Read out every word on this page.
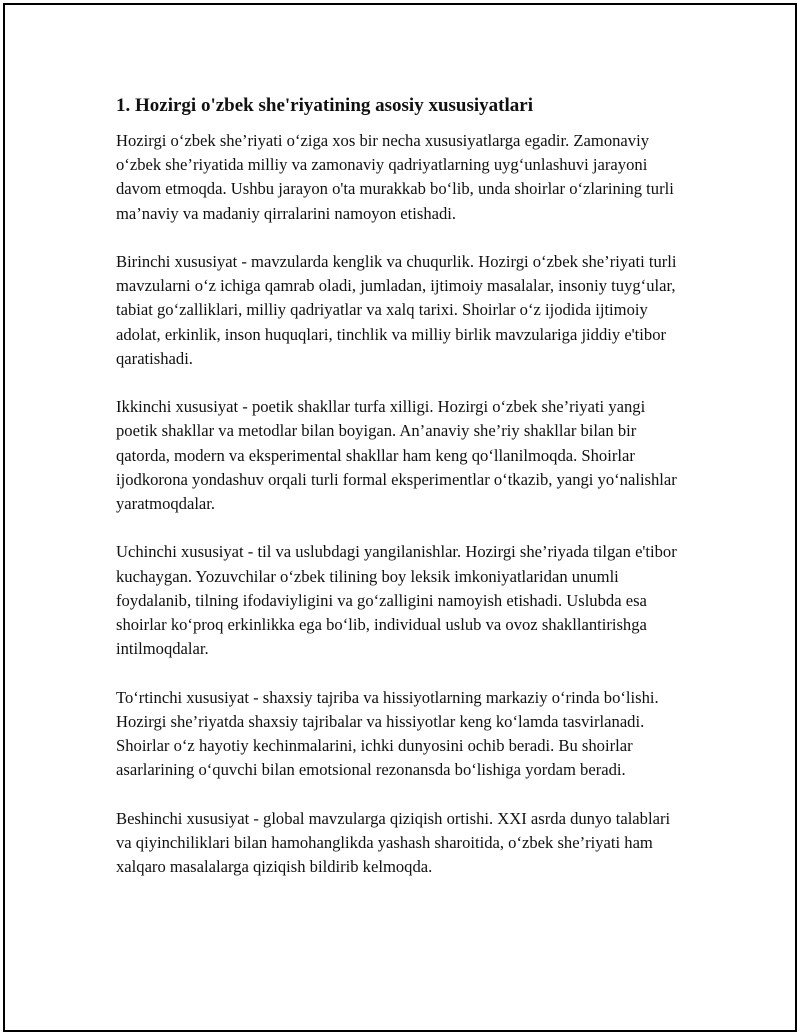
1. Hozirgi o'zbek she'riyatining asosiy xususiyatlari

Hozirgi o‘zbek she’riyati o‘ziga xos bir necha xususiyatlarga egadir. Zamonaviy o‘zbek she’riyatida milliy va zamonaviy qadriyatlarning uyg‘unlashuvi jarayoni davom etmoqda. Ushbu jarayon o'ta murakkab bo‘lib, unda shoirlar o‘zlarining turli ma’naviy va madaniy qirralarini namoyon etishadi.

Birinchi xususiyat - mavzularda kenglik va chuqurlik. Hozirgi o‘zbek she’riyati turli mavzularni o‘z ichiga qamrab oladi, jumladan, ijtimoiy masalalar, insoniy tuyg‘ular, tabiat go‘zalliklari, milliy qadriyatlar va xalq tarixi. Shoirlar o‘z ijodida ijtimoiy adolat, erkinlik, inson huquqlari, tinchlik va milliy birlik mavzulariga jiddiy e'tibor qaratishadi.

Ikkinchi xususiyat - poetik shakllar turfa xilligi. Hozirgi o‘zbek she’riyati yangi poetik shakllar va metodlar bilan boyigan. An’anaviy she’riy shakllar bilan bir qatorda, modern va eksperimental shakllar ham keng qo‘llanilmoqda. Shoirlar ijodkorona yondashuv orqali turli formal eksperimentlar o‘tkazib, yangi yo‘nalishlar yaratmoqdalar.

Uchinchi xususiyat - til va uslubdagi yangilanishlar. Hozirgi she’riyada tilgan e'tibor kuchaygan. Yozuvchilar o‘zbek tilining boy leksik imkoniyatlaridan unumli foydalanib, tilning ifodaviyligini va go‘zalligini namoyish etishadi. Uslubda esa shoirlar ko‘proq erkinlikka ega bo‘lib, individual uslub va ovoz shakllantirishga intilmoqdalar.

To‘rtinchi xususiyat - shaxsiy tajriba va hissiyotlarning markaziy o‘rinda bo‘lishi. Hozirgi she’riyatda shaxsiy tajribalar va hissiyotlar keng ko‘lamda tasvirlanadi. Shoirlar o‘z hayotiy kechinmalarini, ichki dunyosini ochib beradi. Bu shoirlar asarlarining o‘quvchi bilan emotsional rezonansda bo‘lishiga yordam beradi.

Beshinchi xususiyat - global mavzularga qiziqish ortishi. XXI asrda dunyo talablari va qiyinchiliklari bilan hamohanglikda yashash sharoitida, o‘zbek she’riyati ham xalqaro masalalarga qiziqish bildirib kelmoqda.
